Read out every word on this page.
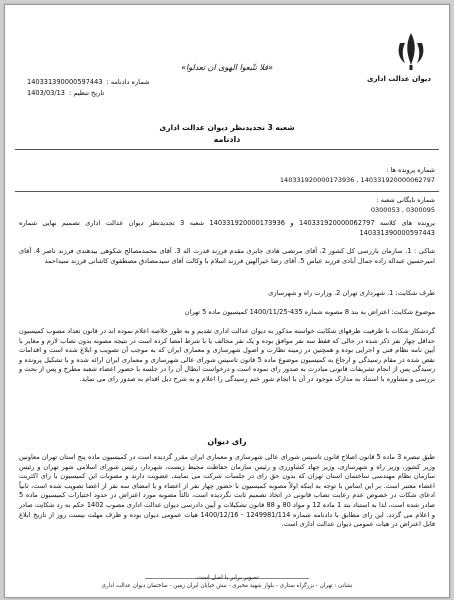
«فلا تتّبعوا الهوی ان تعدلوا»
دیوان عدالت اداری
شماره دادنامه :
140331390000597443
تاریخ تنظیم :
1403/03/13
شعبه 3 تجدیدنظر دیوان عدالت اداری
دادنامه
شماره پرونده ها :
140331920000173936 , 140331920000062797
شماره بایگانی شعبه :
0300053 , 0300095
پرونده های کلاسه 140331920000062797 و 140331920000173936 شعبه 3 تجدیدنظر دیوان عدالت اداری تصمیم نهایی شماره 140331390000597443
شاکی : 1. سازمان بازرسی کل کشور 2. آقای مرتضی هادی جابری مقدم فرزند قدرت اله 3. آقای محمدمصالح شکوهی بیدهندی فرزند ناصر 4. آقای امیرحسین عبداله زاده جمال آبادی فرزند عباس 5. آقای رضا خیرالهین فرزند اسلام با وکالت آقای سیدمصادق مصطفوی کاشانی فرزند سیداحمد
طرف شکایت: 1. شهرداری تهران 2. وزارت راه و شهرسازی
موضوع شکایت: اعتراض به بند 8 مصوبه شماره 435-1400/11/25 کمیسیون ماده 5 تهران
گردشکار شکات با طرفیت طرفهای شکایت خواسته مذکور به دیوان عدالت اداری تقدیم و به طور خلاصه اعلام نموده اند در قانون تعداد مصوب کمیسیون حداقل چهار نفر ذکر شده در حالی که فقط سه نفر موافق بوده و یک نفر مخالف یا با شرط امضا کرده است در نتیجه مصوبه بدون نصاب لازم و مغایر با آیین نامه نظام فنی و اجرایی بوده و همچنین در زمینه نظارت و اصول شهرسازی و معماری ایران که به موجب آن تصویب و ابلاغ شده است و اقدامات نقض شده در مقام رسیدگی و ارجاع به کمیسیون موضوع ماده 5 قانون تاسیس شورای عالی شهرسازی و معماری ایران ارائه شده و با تشکیل پرونده و رسیدگی پس از انجام تشریفات قانونی مبادرت به صدور رای نموده است و درخواست ابطال آن را در جلسه با حضور اعضاء شعبه مطرح و پس از بحث و بررسی و مشاوره با استناد به مدارک موجود در آن با انجام شور ختم رسیدگی را اعلام و به شرح ذیل اقدام به صدور رای می نماید.
رای دیوان
طبق تبصره 3 ماده 5 قانون اصلاح قانون تاسیس شورای عالی شهرسازی و معماری ایران مقرر گردیده است در کمیسیون ماده پنج استان تهران معاونین وزیر کشور، وزیر راه و شهرسازی، وزیر جهاد کشاورزی و رئیس سازمان حفاظت محیط زیست، شهردار، رئیس شورای اسلامی شهر تهران و رئیس سازمان نظام مهندسی ساختمان استان تهران که بدون حق رای در جلسات شرکت می نمایند، عضویت دارند و مصوبات این کمیسیون با رای اکثریت اعضاء معتبر است. بر این اساس با توجه به اینکه اولاً مصوبه کمیسیون با حضور چهار نفر از اعضاء و با امضای سه نفر از اعضا تصویب شده است، ثانیاً ادعای شکات در خصوص عدم رعایت نصاب قانونی در اتخاذ تصمیم ثابت نگردیده است، ثالثاً مصوبه مورد اعتراض در حدود اختیارات کمیسیون ماده 5 صادر شده است، لذا به استناد بند 1 ماده 12 و مواد 80 و 88 قانون تشکیلات و آیین دادرسی دیوان عدالت اداری مصوب 1402 حکم به رد شکایت صادر و اعلام می گردد. این رای مطابق با دادنامه شماره 1249981/114 - 1400/12/16 هیات عمومی دیوان بوده و ظرف مهلت بیست روز از تاریخ ابلاغ قابل اعتراض در هیات عمومی دیوان عدالت اداری است.
تصویر برابر با اصل است.
نشانی : تهران - بزرگراه ستاری - بلوار شهید مخبری - نبش خیابان ایران زمین - ساختمان دیوان عدالت اداری
